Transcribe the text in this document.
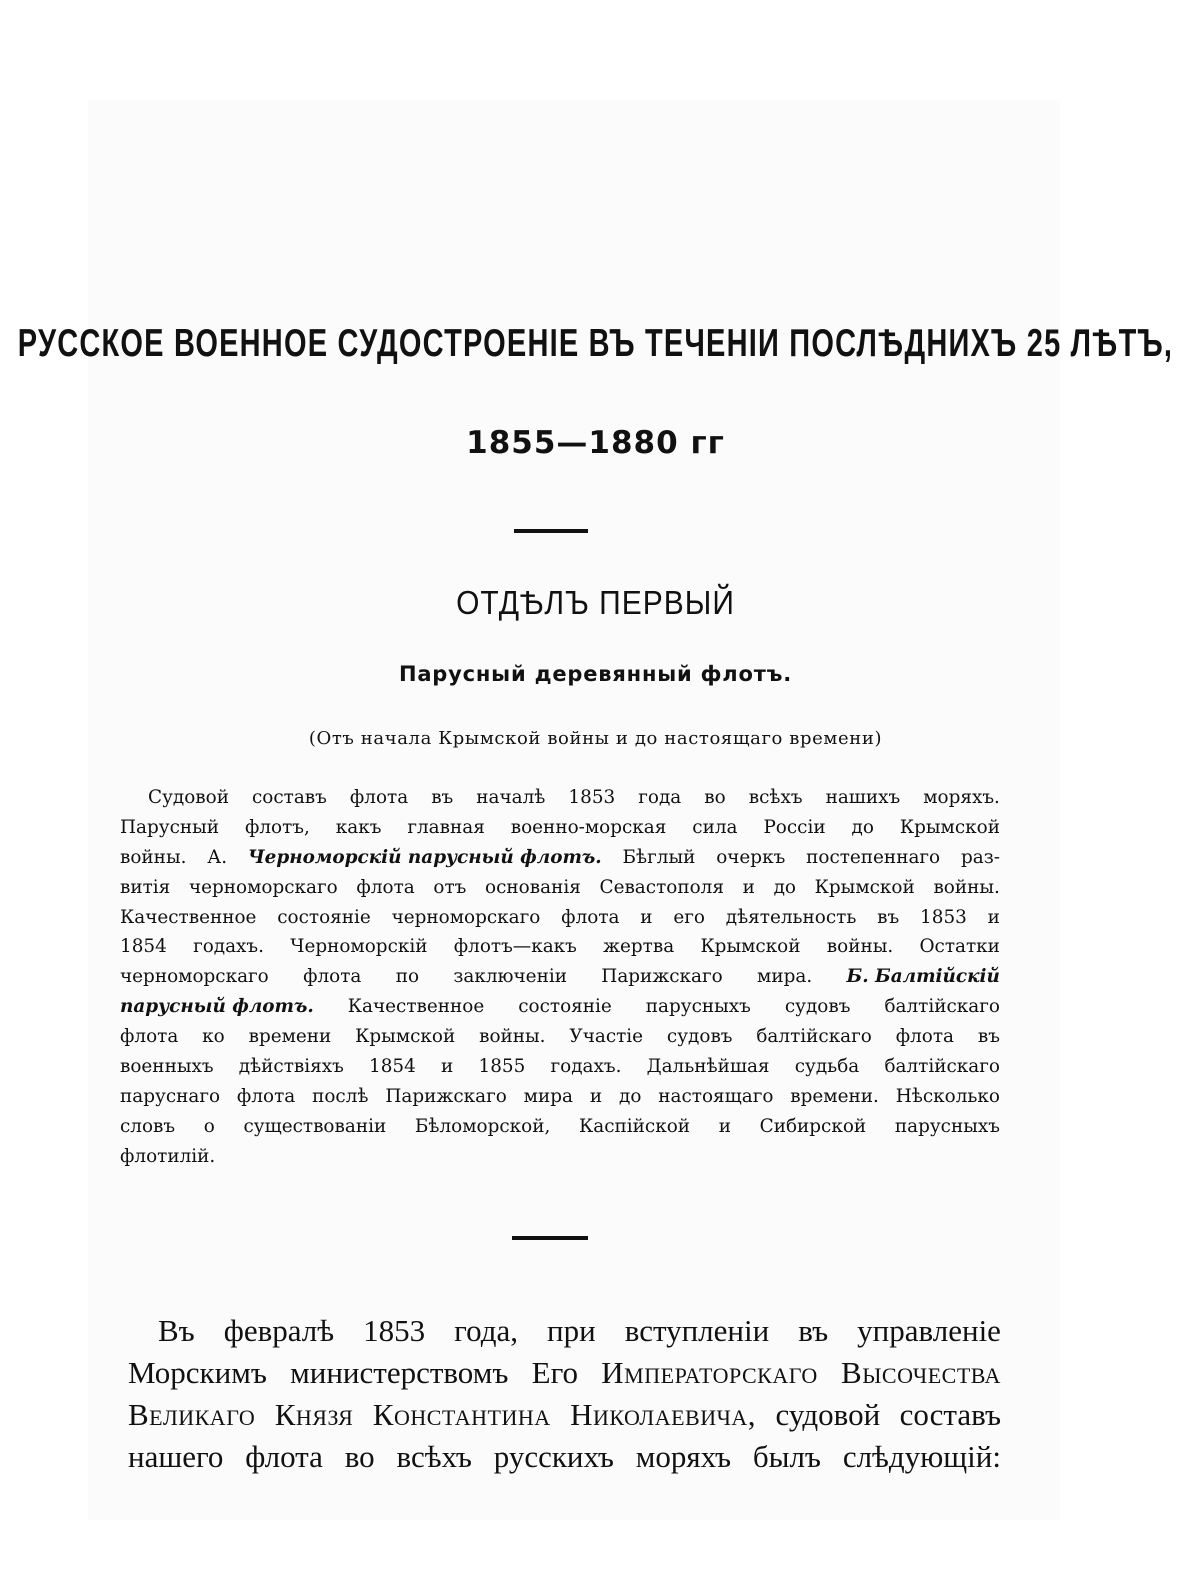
РУССКОЕ ВОЕННОЕ СУДОСТРОЕНІЕ ВЪ ТЕЧЕНІИ ПОСЛѢДНИХЪ 25 ЛѢТЪ,
1855—1880 гг
ОТДѢЛЪ ПЕРВЫЙ
Парусный деревянный флотъ.
(Отъ начала Крымской войны и до настоящаго времени)
Судовой составъ флота въ началѣ 1853 года во всѣхъ нашихъ моряхъ.
Парусный флотъ, какъ главная военно-морская сила Россіи до Крымской
войны. А. Черноморскій парусный флотъ. Бѣглый очеркъ постепеннаго раз-
витія черноморскаго флота отъ основанія Севастополя и до Крымской войны.
Качественное состояніе черноморскаго флота и его дѣятельность въ 1853 и
1854 годахъ. Черноморскій флотъ—какъ жертва Крымской войны. Остатки
черноморскаго флота по заключеніи Парижскаго мира. Б. Балтійскій
парусный флотъ. Качественное состояніе парусныхъ судовъ балтійскаго
флота ко времени Крымской войны. Участіе судовъ балтійскаго флота въ
военныхъ дѣйствіяхъ 1854 и 1855 годахъ. Дальнѣйшая судьба балтійскаго
паруснаго флота послѣ Парижскаго мира и до настоящаго времени. Нѣсколько
словъ о существованіи Бѣломорской, Каспійской и Сибирской парусныхъ
флотилій.
Въ февралѣ 1853 года, при вступленіи въ управленіе
Морскимъ министерствомъ Его Императорскаго Высочества
Великаго Князя Константина Николаевича, судовой составъ
нашего флота во всѣхъ русскихъ моряхъ былъ слѣдующій:
